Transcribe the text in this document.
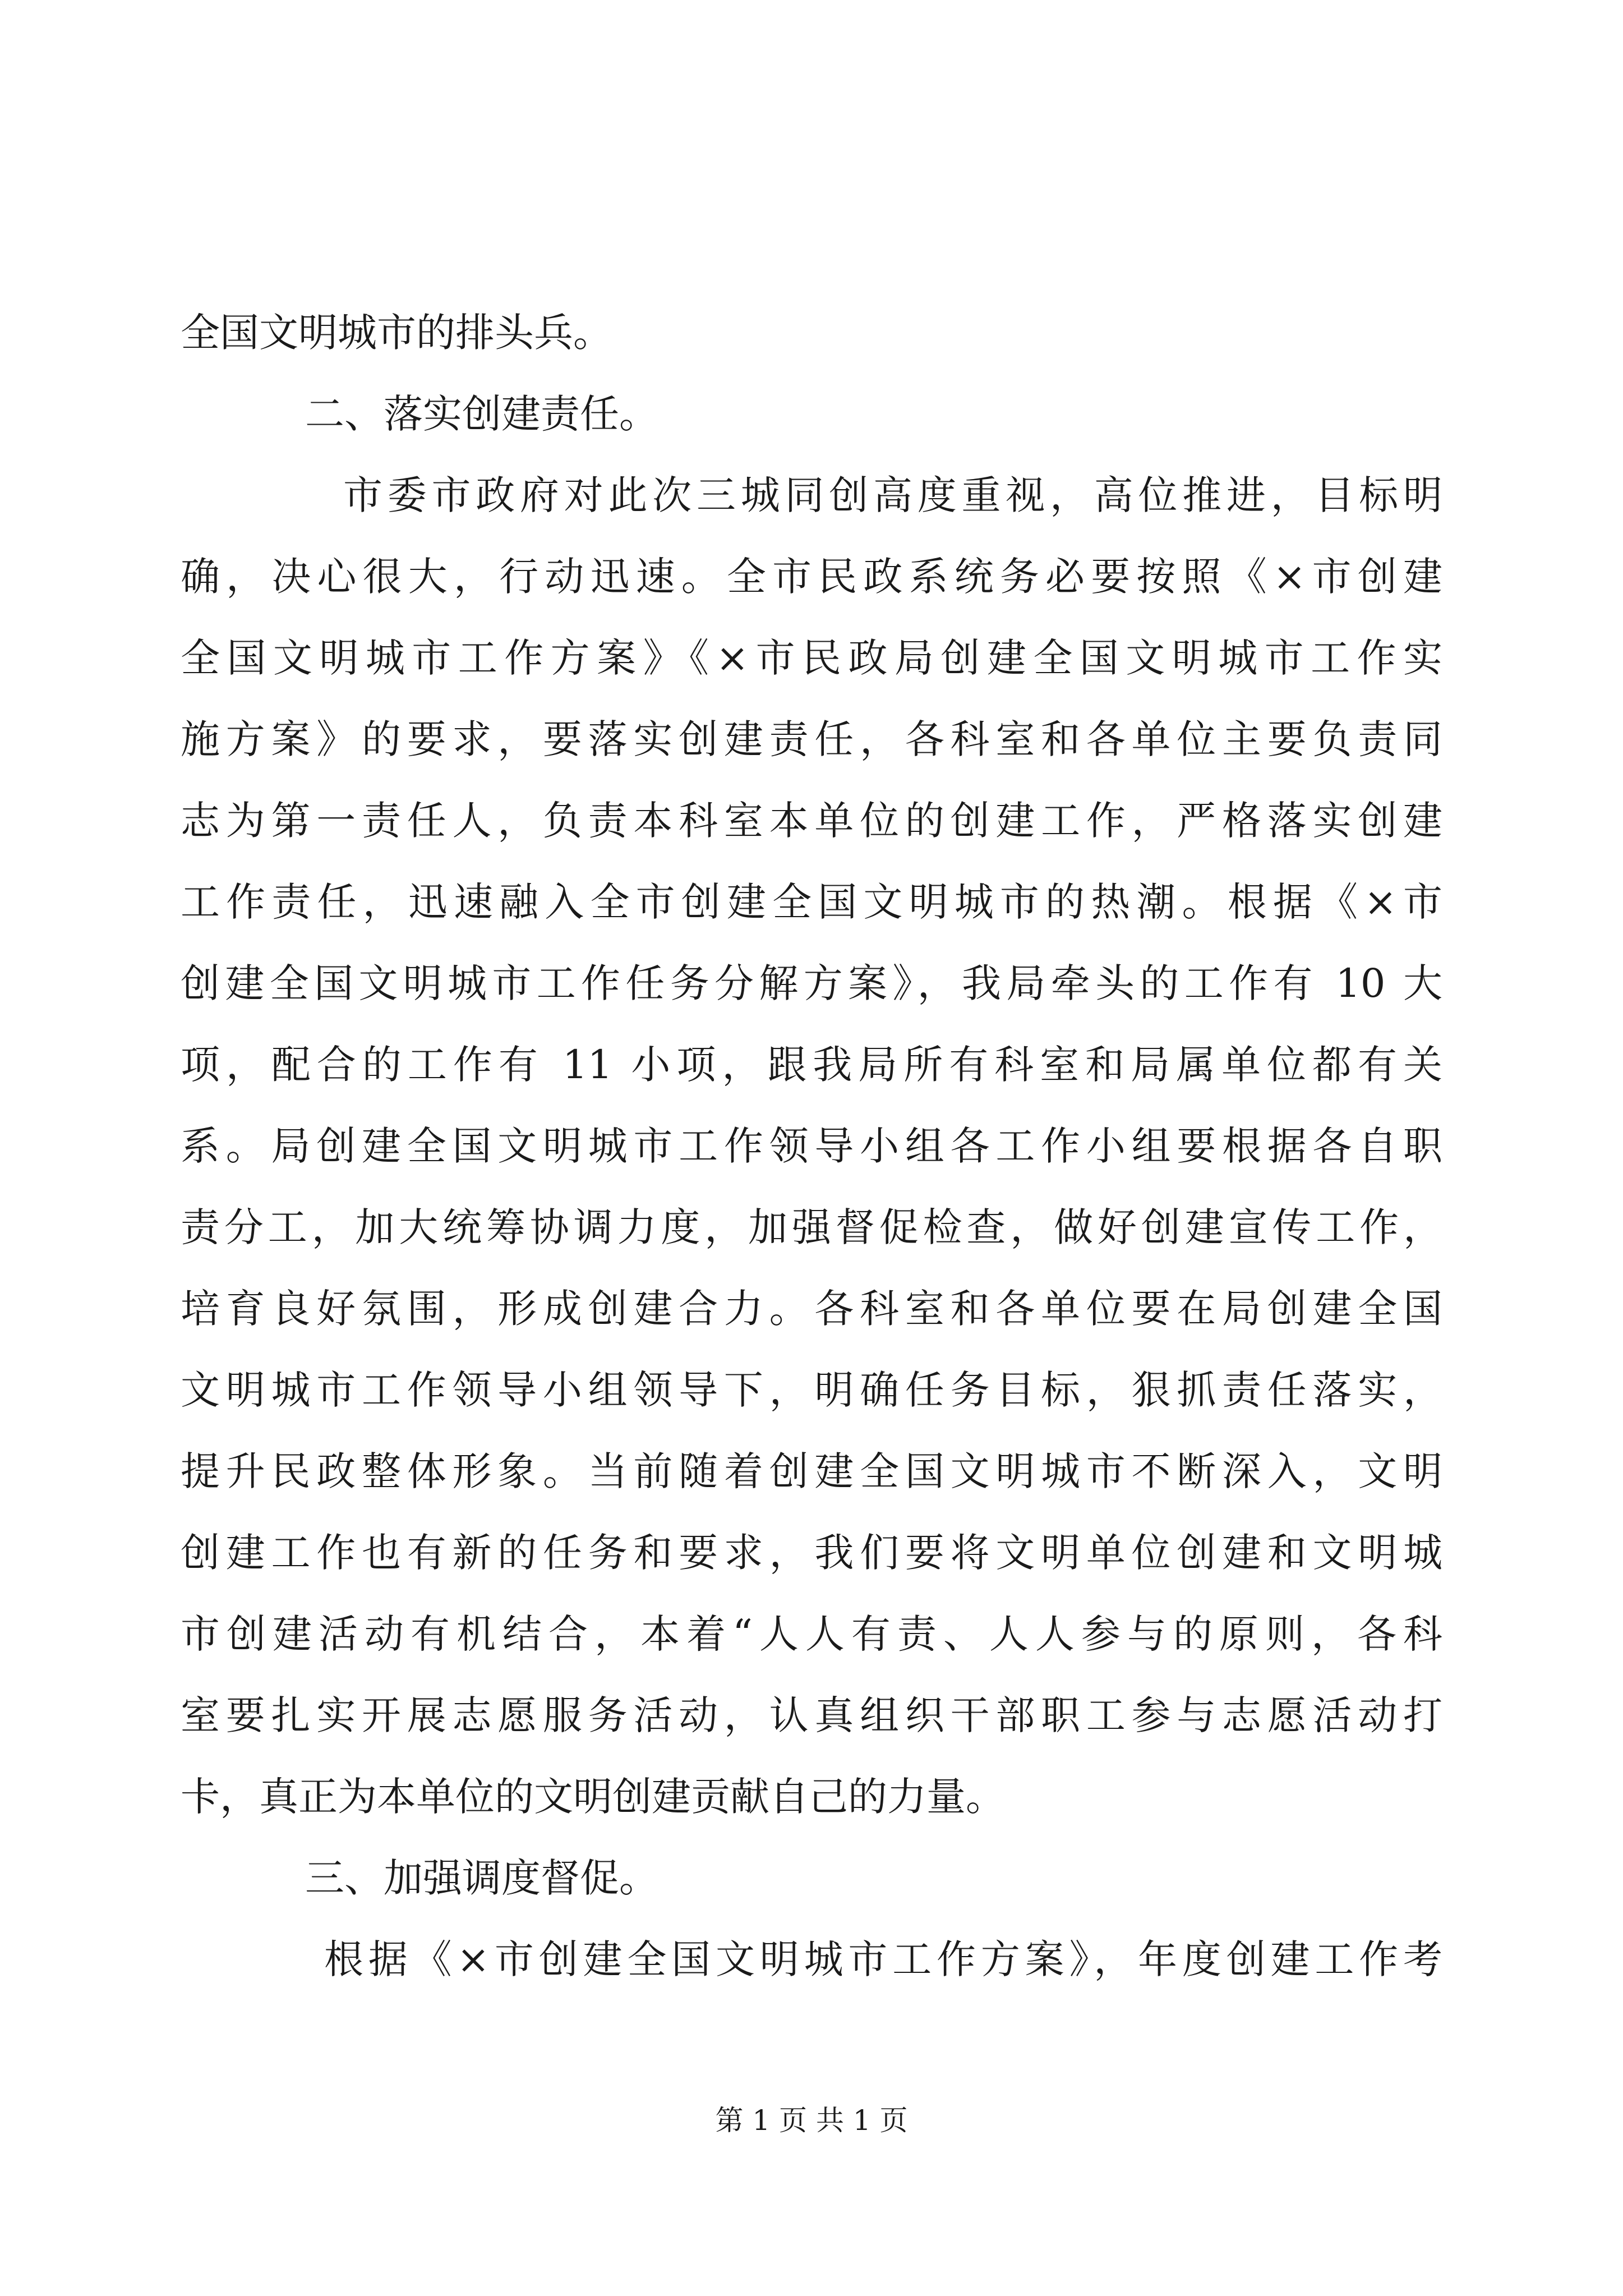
全国文明城市的排头兵。
二、落实创建责任。
市委市政府对此次三城同创高度重视，高位推进，目标明
确，决心很大，行动迅速。全市民政系统务必要按照《×市创建
全国文明城市工作方案》《×市民政局创建全国文明城市工作实
施方案》的要求，要落实创建责任，各科室和各单位主要负责同
志为第一责任人，负责本科室本单位的创建工作，严格落实创建
工作责任，迅速融入全市创建全国文明城市的热潮。根据《×市
创建全国文明城市工作任务分解方案》，我局牵头的工作有 10 大
项，配合的工作有 11 小项，跟我局所有科室和局属单位都有关
系。局创建全国文明城市工作领导小组各工作小组要根据各自职
责分工，加大统筹协调力度，加强督促检查，做好创建宣传工作，
培育良好氛围，形成创建合力。各科室和各单位要在局创建全国
文明城市工作领导小组领导下，明确任务目标，狠抓责任落实，
提升民政整体形象。当前随着创建全国文明城市不断深入，文明
创建工作也有新的任务和要求，我们要将文明单位创建和文明城
市创建活动有机结合，本着“人人有责、人人参与的原则，各科
室要扎实开展志愿服务活动，认真组织干部职工参与志愿活动打
卡，真正为本单位的文明创建贡献自己的力量。
三、加强调度督促。
根据《×市创建全国文明城市工作方案》，年度创建工作考
第 1 页 共 1 页
